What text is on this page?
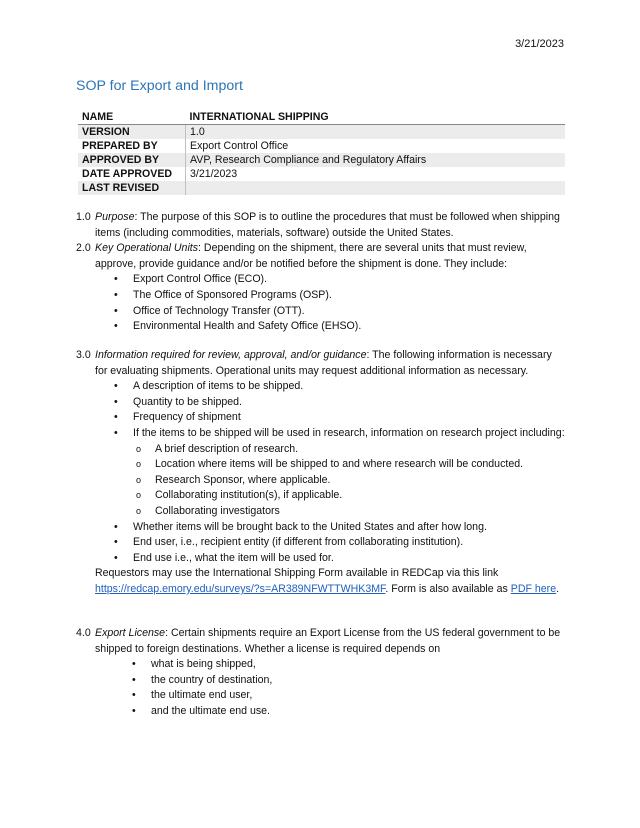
3/21/2023
SOP for Export and Import
NAME	INTERNATIONAL SHIPPING
VERSION	1.0
PREPARED BY	Export Control Office
APPROVED BY	AVP, Research Compliance and Regulatory Affairs
DATE APPROVED	3/21/2023
LAST REVISED	
1.0 Purpose: The purpose of this SOP is to outline the procedures that must be followed when shipping items (including commodities, materials, software) outside the United States.
2.0 Key Operational Units: Depending on the shipment, there are several units that must review, approve, provide guidance and/or be notified before the shipment is done. They include:
• Export Control Office (ECO).
• The Office of Sponsored Programs (OSP).
• Office of Technology Transfer (OTT).
• Environmental Health and Safety Office (EHSO).
3.0 Information required for review, approval, and/or guidance: The following information is necessary for evaluating shipments. Operational units may request additional information as necessary.
• A description of items to be shipped.
• Quantity to be shipped.
• Frequency of shipment
• If the items to be shipped will be used in research, information on research project including:
o A brief description of research.
o Location where items will be shipped to and where research will be conducted.
o Research Sponsor, where applicable.
o Collaborating institution(s), if applicable.
o Collaborating investigators
• Whether items will be brought back to the United States and after how long.
• End user, i.e., recipient entity (if different from collaborating institution).
• End use i.e., what the item will be used for.
Requestors may use the International Shipping Form available in REDCap via this link
https://redcap.emory.edu/surveys/?s=AR389NFWTTWHK3MF. Form is also available as PDF here.
4.0 Export License: Certain shipments require an Export License from the US federal government to be shipped to foreign destinations. Whether a license is required depends on
• what is being shipped,
• the country of destination,
• the ultimate end user,
• and the ultimate end use.
